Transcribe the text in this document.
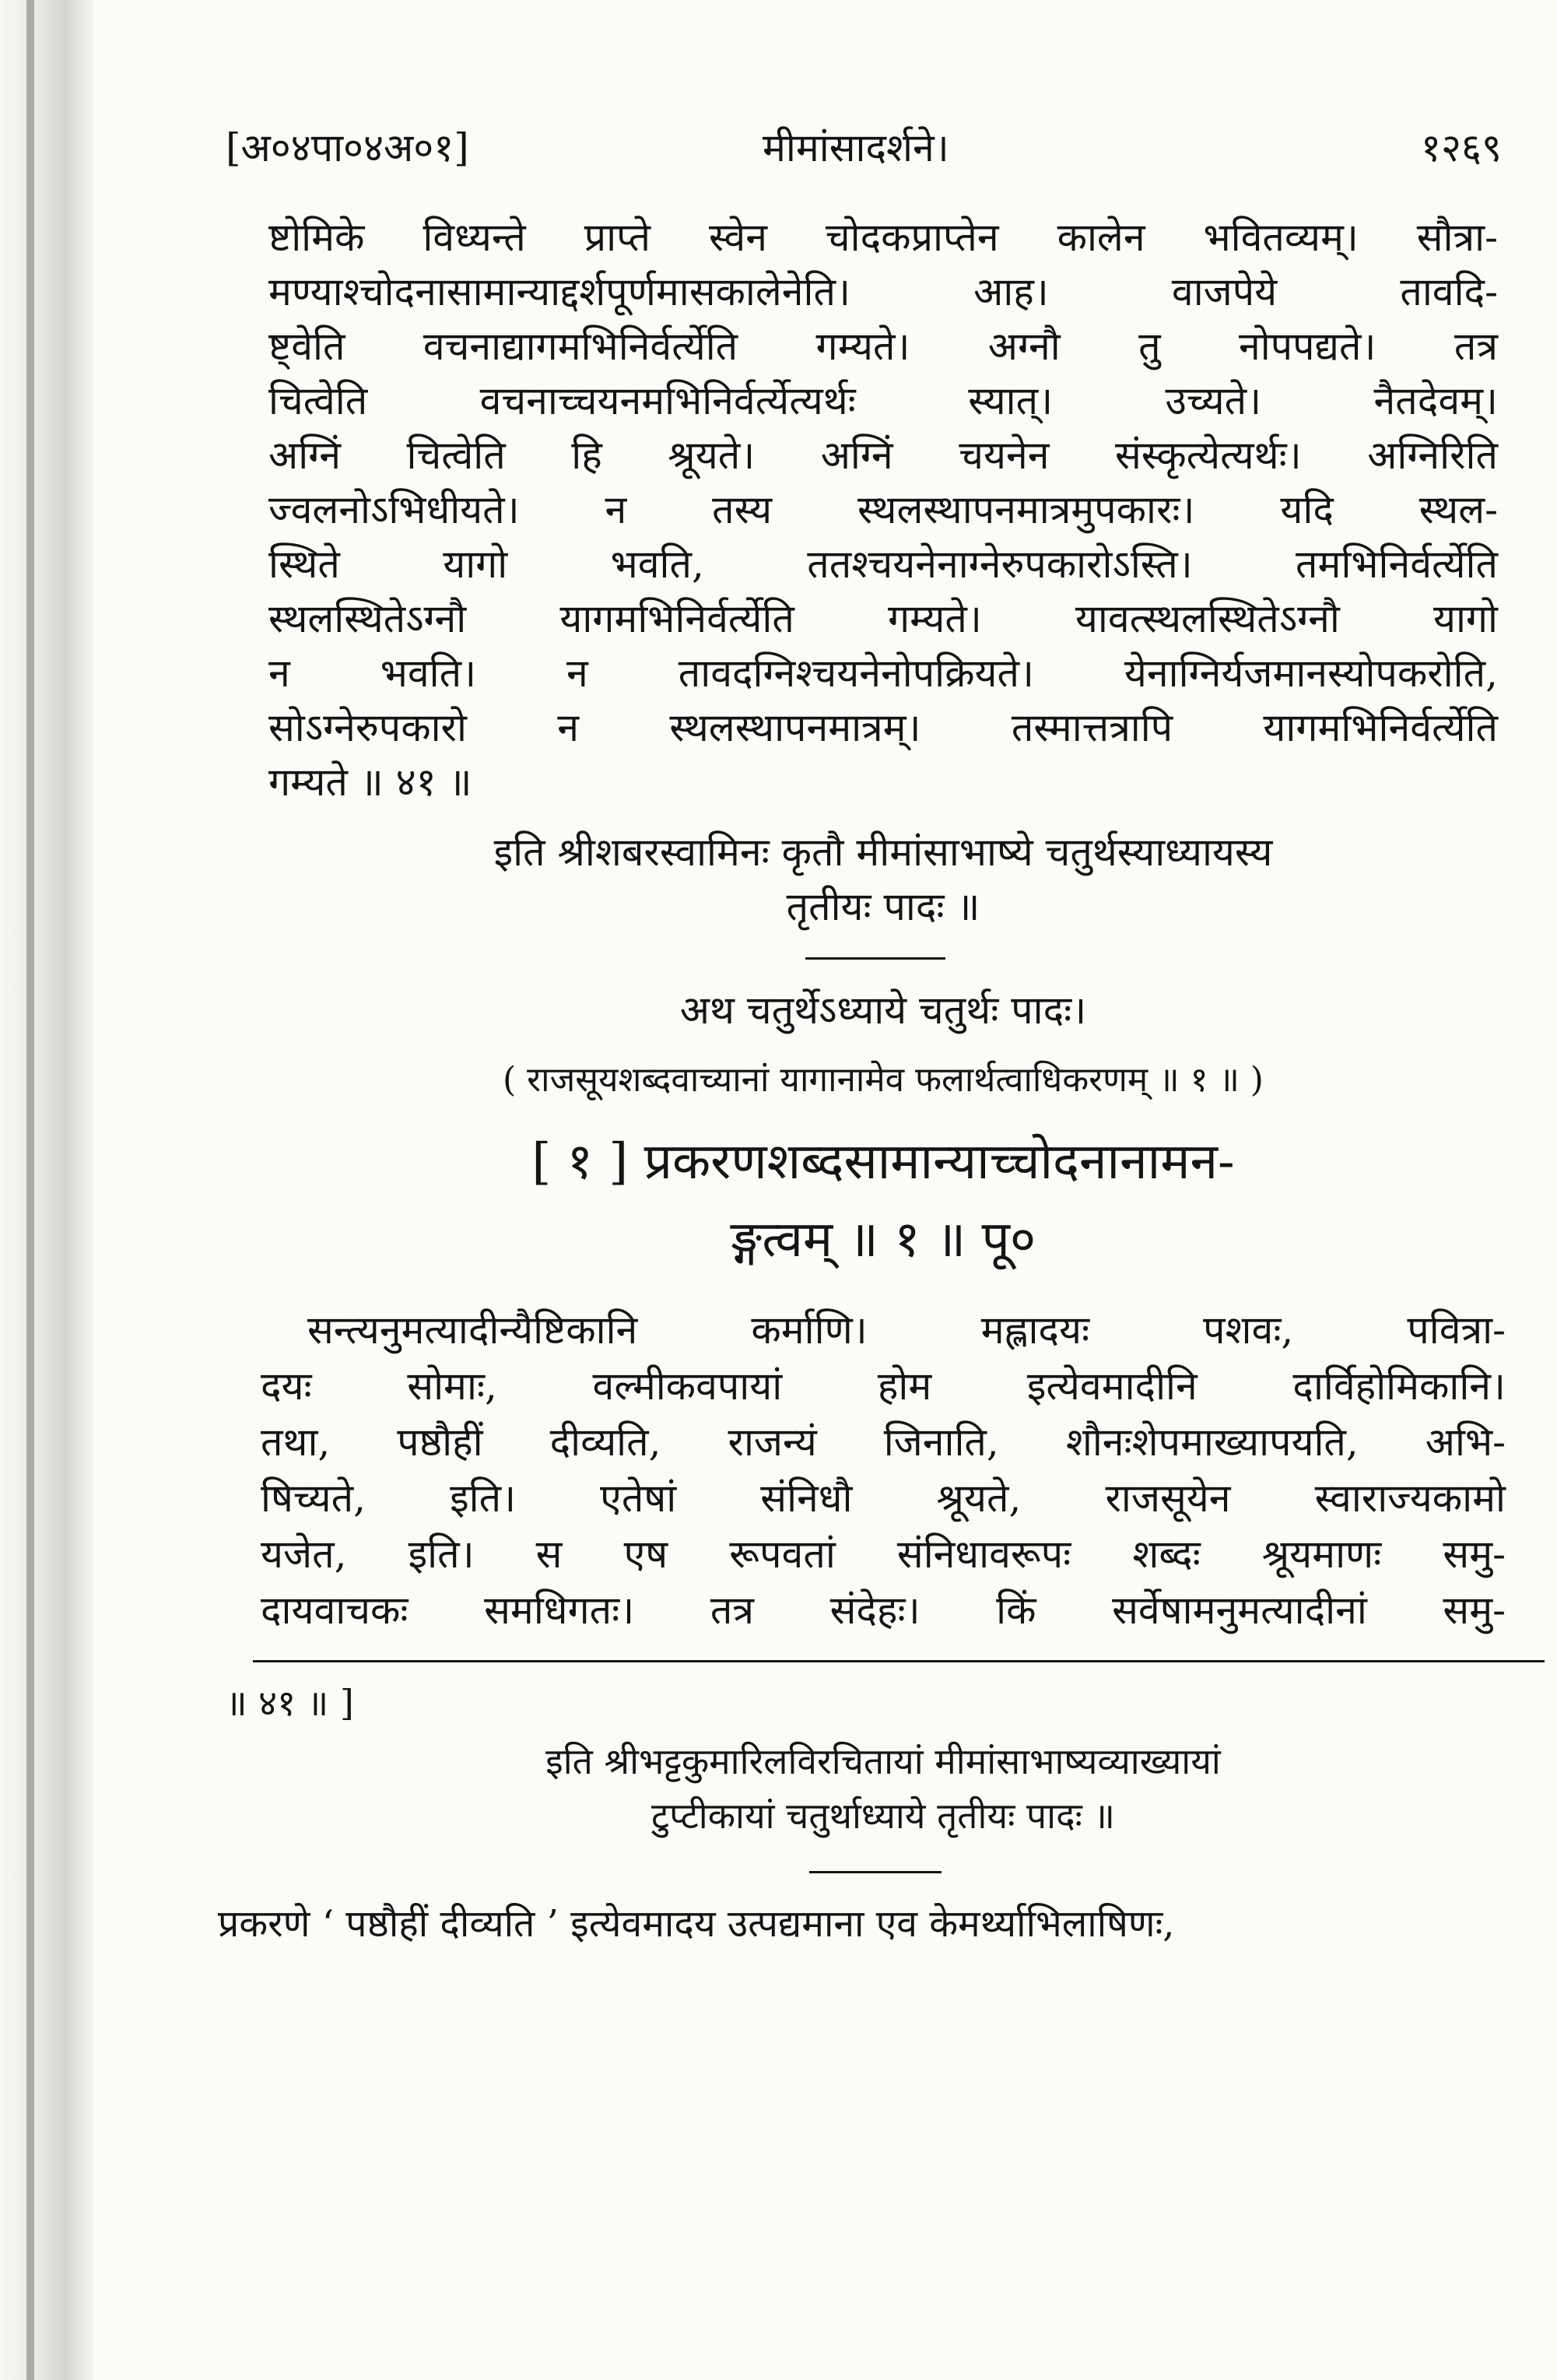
[अ०४पा०४अ०१]	मीमांसादर्शने।	१२६९
ष्टोमिके विध्यन्ते प्राप्ते स्वेन चोदकप्राप्तेन कालेन भवितव्यम्। सौत्रा-
मण्याश्चोदनासामान्याद्दर्शपूर्णमासकालेनेति। आह। वाजपेये तावदि-
ष्ट्वेति वचनाद्यागमभिनिर्वर्त्येति गम्यते। अग्नौ तु नोपपद्यते। तत्र
चित्वेति वचनाच्चयनमभिनिर्वर्त्येत्यर्थः स्यात्। उच्यते। नैतदेवम्।
अग्निं चित्वेति हि श्रूयते। अग्निं चयनेन संस्कृत्येत्यर्थः। अग्निरिति
ज्वलनोऽभिधीयते। न तस्य स्थलस्थापनमात्रमुपकारः। यदि स्थल-
स्थिते यागो भवति, ततश्चयनेनाग्नेरुपकारोऽस्ति। तमभिनिर्वर्त्येति
स्थलस्थितेऽग्नौ यागमभिनिर्वर्त्येति गम्यते। यावत्स्थलस्थितेऽग्नौ यागो
न भवति। न तावदग्निश्चयनेनोपक्रियते। येनाग्निर्यजमानस्योपकरोति,
सोऽग्नेरुपकारो न स्थलस्थापनमात्रम्। तस्मात्तत्रापि यागमभिनिर्वर्त्येति
गम्यते ॥ ४१ ॥
इति श्रीशबरस्वामिनः कृतौ मीमांसाभाष्ये चतुर्थस्याध्यायस्य
तृतीयः पादः ॥
अथ चतुर्थेऽध्याये चतुर्थः पादः।
( राजसूयशब्दवाच्यानां यागानामेव फलार्थत्वाधिकरणम् ॥ १ ॥ )
[ १ ] प्रकरणशब्दसामान्याच्चोदनानामन-
ङ्गत्वम् ॥ १ ॥ पू०
सन्त्यनुमत्यादीन्यैष्टिकानि कर्माणि। मह्लादयः पशवः, पवित्रा-
दयः सोमाः, वल्मीकवपायां होम इत्येवमादीनि दार्विहोमिकानि।
तथा, पष्ठौहीं दीव्यति, राजन्यं जिनाति, शौनःशेपमाख्यापयति, अभि-
षिच्यते, इति। एतेषां संनिधौ श्रूयते, राजसूयेन स्वाराज्यकामो
यजेत, इति। स एष रूपवतां संनिधावरूपः शब्दः श्रूयमाणः समु-
दायवाचकः समधिगतः। तत्र संदेहः। किं सर्वेषामनुमत्यादीनां समु-
॥ ४१ ॥ ]
इति श्रीभट्टकुमारिलविरचितायां मीमांसाभाष्यव्याख्यायां
टुप्टीकायां चतुर्थाध्याये तृतीयः पादः ॥
प्रकरणे ‘ पष्ठौहीं दीव्यति ’ इत्येवमादय उत्पद्यमाना एव केमर्थ्याभिलाषिणः,
